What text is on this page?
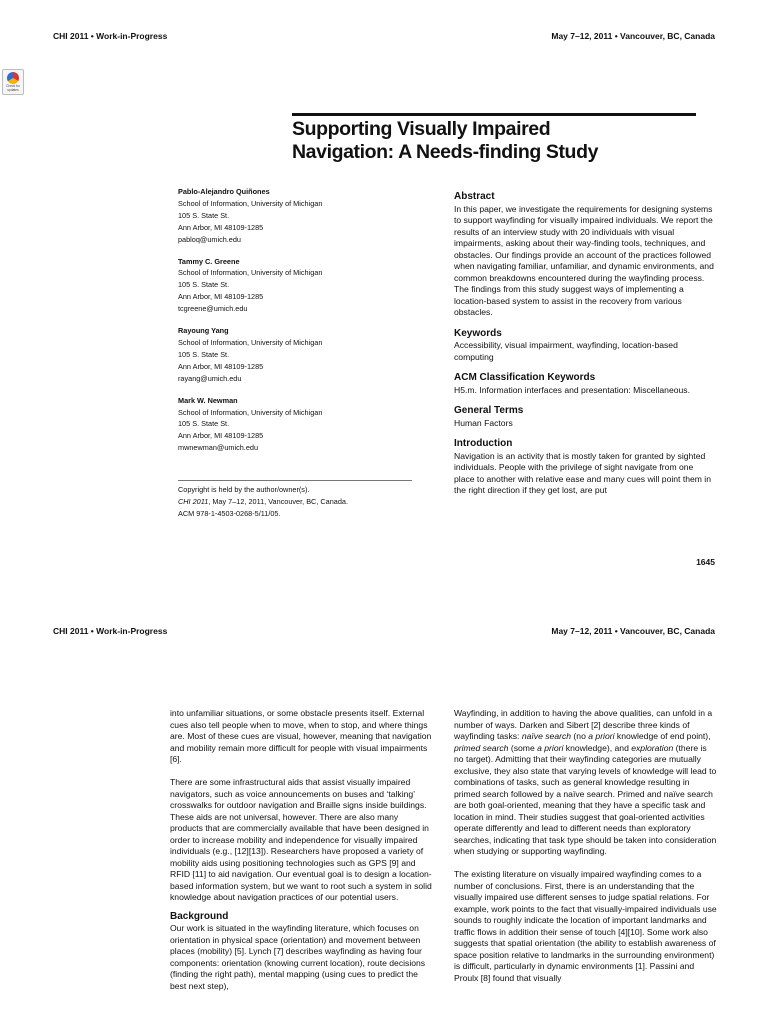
CHI 2011 • Work-in-Progress	May 7–12, 2011 • Vancouver, BC, Canada
Check for updates
Supporting Visually Impaired
Navigation: A Needs-finding Study
Pablo-Alejandro Quiñones
School of Information, University of Michigan
105 S. State St.
Ann Arbor, MI 48109-1285
pabloq@umich.edu
Tammy C. Greene
School of Information, University of Michigan
105 S. State St.
Ann Arbor, MI 48109-1285
tcgreene@umich.edu
Rayoung Yang
School of Information, University of Michigan
105 S. State St.
Ann Arbor, MI 48109-1285
rayang@umich.edu
Mark W. Newman
School of Information, University of Michigan
105 S. State St.
Ann Arbor, MI 48109-1285
mwnewman@umich.edu
Copyright is held by the author/owner(s).
CHI 2011, May 7–12, 2011, Vancouver, BC, Canada.
ACM 978-1-4503-0268-5/11/05.
Abstract

In this paper, we investigate the requirements for designing systems to support wayfinding for visually impaired individuals. We report the results of an interview study with 20 individuals with visual impairments, asking about their way-finding tools, techniques, and obstacles. Our findings provide an account of the practices followed when navigating familiar, unfamiliar, and dynamic environments, and common breakdowns encountered during the wayfinding process. The findings from this study suggest ways of implementing a location-based system to assist in the recovery from various obstacles.

Keywords

Accessibility, visual impairment, wayfinding, location-based computing

ACM Classification Keywords

H5.m. Information interfaces and presentation: Miscellaneous.

General Terms

Human Factors

Introduction

Navigation is an activity that is mostly taken for granted by sighted individuals. People with the privilege of sight navigate from one place to another with relative ease and many cues will point them in the right direction if they get lost, are put

1645
CHI 2011 • Work-in-Progress	May 7–12, 2011 • Vancouver, BC, Canada

into unfamiliar situations, or some obstacle presents itself. External cues also tell people when to move, when to stop, and where things are. Most of these cues are visual, however, meaning that navigation and mobility remain more difficult for people with visual impairments [6].

There are some infrastructural aids that assist visually impaired navigators, such as voice announcements on buses and ‘talking’ crosswalks for outdoor navigation and Braille signs inside buildings. These aids are not universal, however. There are also many products that are commercially available that have been designed in order to increase mobility and independence for visually impaired individuals (e.g., [12][13]). Researchers have proposed a variety of mobility aids using positioning technologies such as GPS [9] and RFID [11] to aid navigation. Our eventual goal is to design a location-based information system, but we want to root such a system in solid knowledge about navigation practices of our potential users.

Background

Our work is situated in the wayfinding literature, which focuses on orientation in physical space (orientation) and movement between places (mobility) [5]. Lynch [7] describes wayfinding as having four components: orientation (knowing current location), route decisions (finding the right path), mental mapping (using cues to predict the best next step),

Wayfinding, in addition to having the above qualities, can unfold in a number of ways. Darken and Sibert [2] describe three kinds of wayfinding tasks: naïve search (no a priori knowledge of end point), primed search (some a priori knowledge), and exploration (there is no target). Admitting that their wayfinding categories are mutually exclusive, they also state that varying levels of knowledge will lead to combinations of tasks, such as general knowledge resulting in primed search followed by a naïve search. Primed and naïve search are both goal-oriented, meaning that they have a specific task and location in mind. Their studies suggest that goal-oriented activities operate differently and lead to different needs than exploratory searches, indicating that task type should be taken into consideration when studying or supporting wayfinding.

The existing literature on visually impaired wayfinding comes to a number of conclusions. First, there is an understanding that the visually impaired use different senses to judge spatial relations. For example, work points to the fact that visually-impaired individuals use sounds to roughly indicate the location of important landmarks and traffic flows in addition their sense of touch [4][10]. Some work also suggests that spatial orientation (the ability to establish awareness of space position relative to landmarks in the surrounding environment) is difficult, particularly in dynamic environments [1]. Passini and Proulx [8] found that visually
